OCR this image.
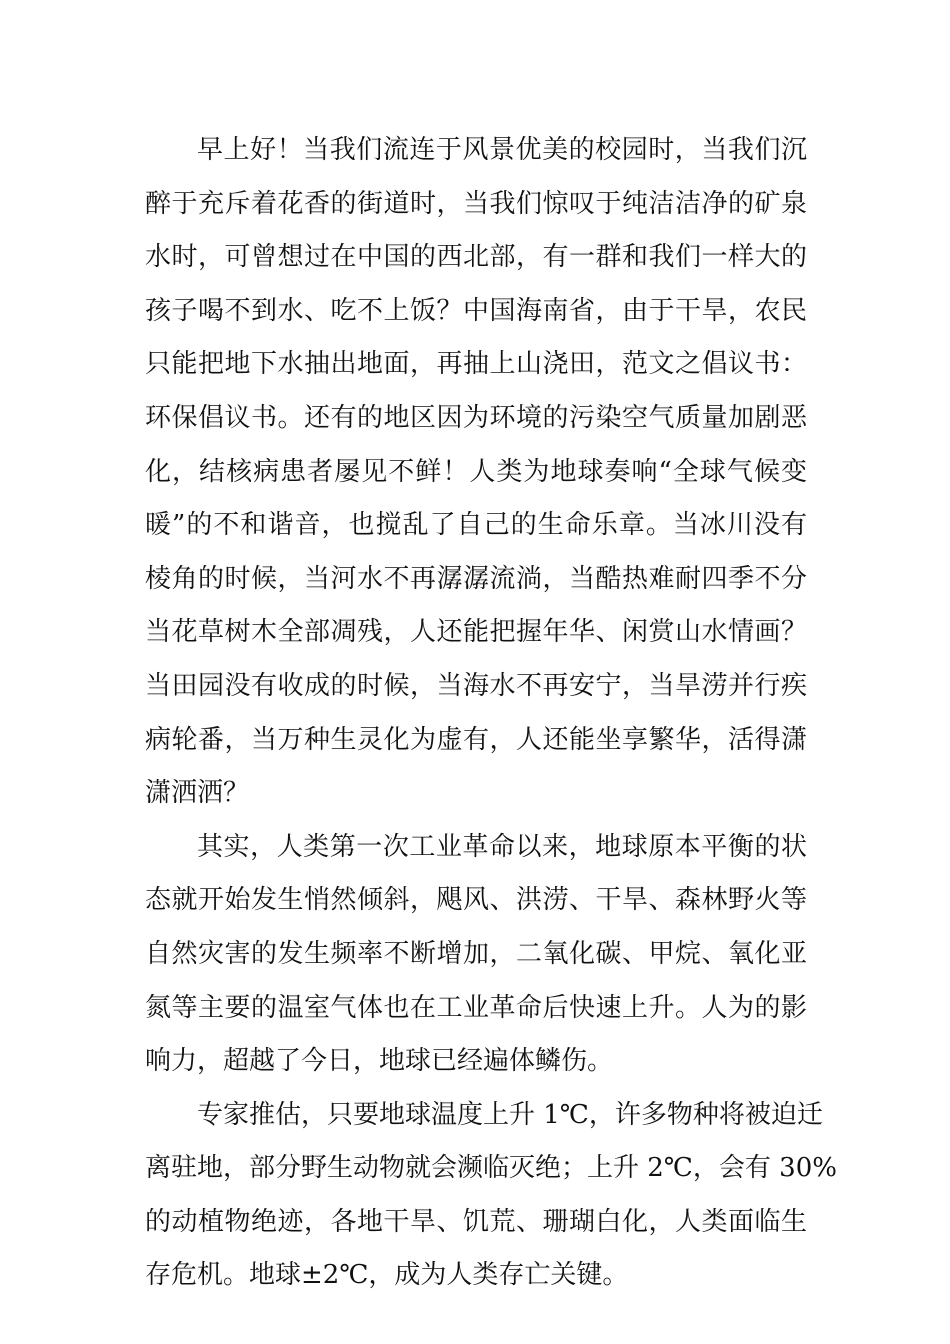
早上好！当我们流连于风景优美的校园时，当我们沉
醉于充斥着花香的街道时，当我们惊叹于纯洁洁净的矿泉
水时，可曾想过在中国的西北部，有一群和我们一样大的
孩子喝不到水、吃不上饭？中国海南省，由于干旱，农民
只能把地下水抽出地面，再抽上山浇田，范文之倡议书：
环保倡议书。还有的地区因为环境的污染空气质量加剧恶
化，结核病患者屡见不鲜！人类为地球奏响“全球气候变
暖”的不和谐音，也搅乱了自己的生命乐章。当冰川没有
棱角的时候，当河水不再潺潺流淌，当酷热难耐四季不分
当花草树木全部凋残，人还能把握年华、闲赏山水情画？
当田园没有收成的时候，当海水不再安宁，当旱涝并行疾
病轮番，当万种生灵化为虚有，人还能坐享繁华，活得潇
潇洒洒？
其实，人类第一次工业革命以来，地球原本平衡的状
态就开始发生悄然倾斜，飓风、洪涝、干旱、森林野火等
自然灾害的发生频率不断增加，二氧化碳、甲烷、氧化亚
氮等主要的温室气体也在工业革命后快速上升。人为的影
响力，超越了今日，地球已经遍体鳞伤。
专家推估，只要地球温度上升 1℃，许多物种将被迫迁
离驻地，部分野生动物就会濒临灭绝；上升 2℃，会有 30%
的动植物绝迹，各地干旱、饥荒、珊瑚白化，人类面临生
存危机。地球±2℃，成为人类存亡关键。
